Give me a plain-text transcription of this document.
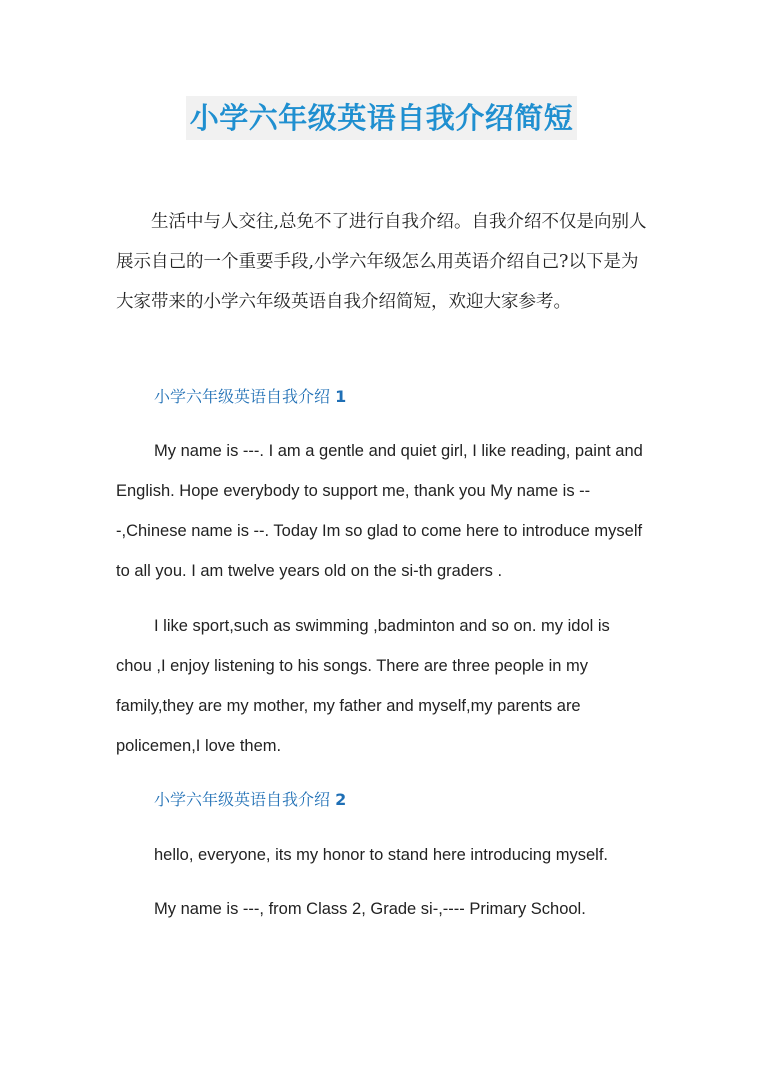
小学六年级英语自我介绍简短

生活中与人交往,总免不了进行自我介绍。自我介绍不仅是向别人展示自己的一个重要手段,小学六年级怎么用英语介绍自己?以下是为大家带来的小学六年级英语自我介绍简短，欢迎大家参考。

小学六年级英语自我介绍 1

My name is ---. I am a gentle and quiet girl, I like reading, paint and English. Hope everybody to support me, thank you My name is ---,Chinese name is --. Today Im so glad to come here to introduce myself to all you. I am twelve years old on the si-th graders .

I like sport,such as swimming ,badminton and so on. my idol is chou ,I enjoy listening to his songs. There are three people in my family,they are my mother, my father and myself,my parents are policemen,I love them.

小学六年级英语自我介绍 2

hello, everyone, its my honor to stand here introducing myself.

My name is ---, from Class 2, Grade si-,---- Primary School.
